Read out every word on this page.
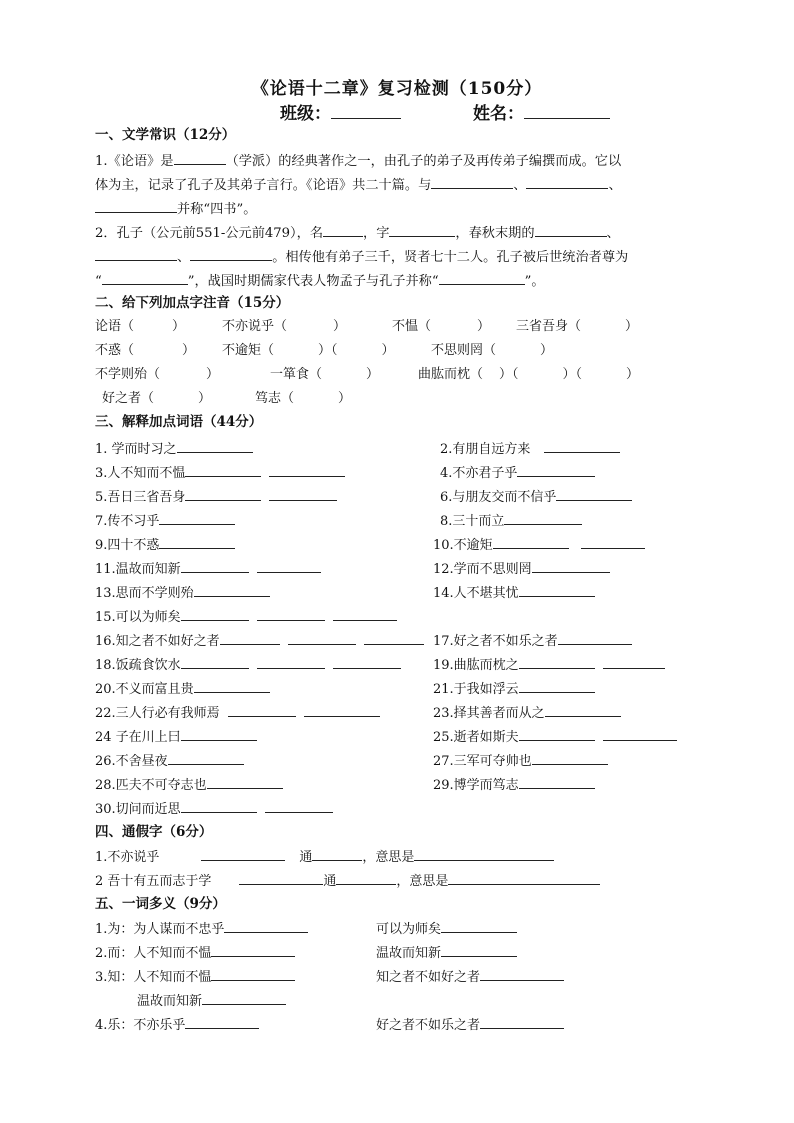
《论语十二章》复习检测（150分）
班级：	姓名：
一、文学常识（12分）
1.《论语》是	（学派）的经典著作之一，由孔子的弟子及再传弟子编撰而成。它以
体为主，记录了孔子及其弟子言行。《论语》共二十篇。与	、	、
并称“四书”。
2．孔子（公元前551-公元前479），名	，字	，春秋末期的	、
、	。相传他有弟子三千，贤者七十二人。孔子被后世统治者尊为
“	”，战国时期儒家代表人物孟子与孔子并称“	”。
二、给下列加点字注音（15分）
论语（	）	不亦说乎（	）	不愠（	） 三省吾身（	）
不惑（	） 不逾矩（	）（	）	不思则罔（	）
不学则殆（	）	一箪食（	）	曲肱而枕（ ）（	）（	）
好之者（	）	笃志（	）
三、解释加点词语（44分）
1. 学而时习之	2.有朋自远方来
3.人不知而不愠	4.不亦君子乎
5.吾日三省吾身	6.与朋友交而不信乎
7.传不习乎	8.三十而立
9.四十不惑	10.不逾矩
11.温故而知新	12.学而不思则罔
13.思而不学则殆	14.人不堪其忧
15.可以为师矣
16.知之者不如好之者	17.好之者不如乐之者
18.饭疏食饮水	19.曲肱而枕之
20.不义而富且贵	21.于我如浮云
22.三人行必有我师焉	23.择其善者而从之
24 子在川上曰	25.逝者如斯夫
26.不舍昼夜	27.三军可夺帅也
28.匹夫不可夺志也	29.博学而笃志
30.切问而近思
四、通假字（6分）
1.不亦说乎	通	，意思是
2 吾十有五而志于学	通	，意思是
五、一词多义（9分）
1.为：为人谋而不忠乎	可以为师矣
2.而：人不知而不愠	温故而知新
3.知：人不知而不愠	知之者不如好之者
温故而知新
4.乐：不亦乐乎	好之者不如乐之者
